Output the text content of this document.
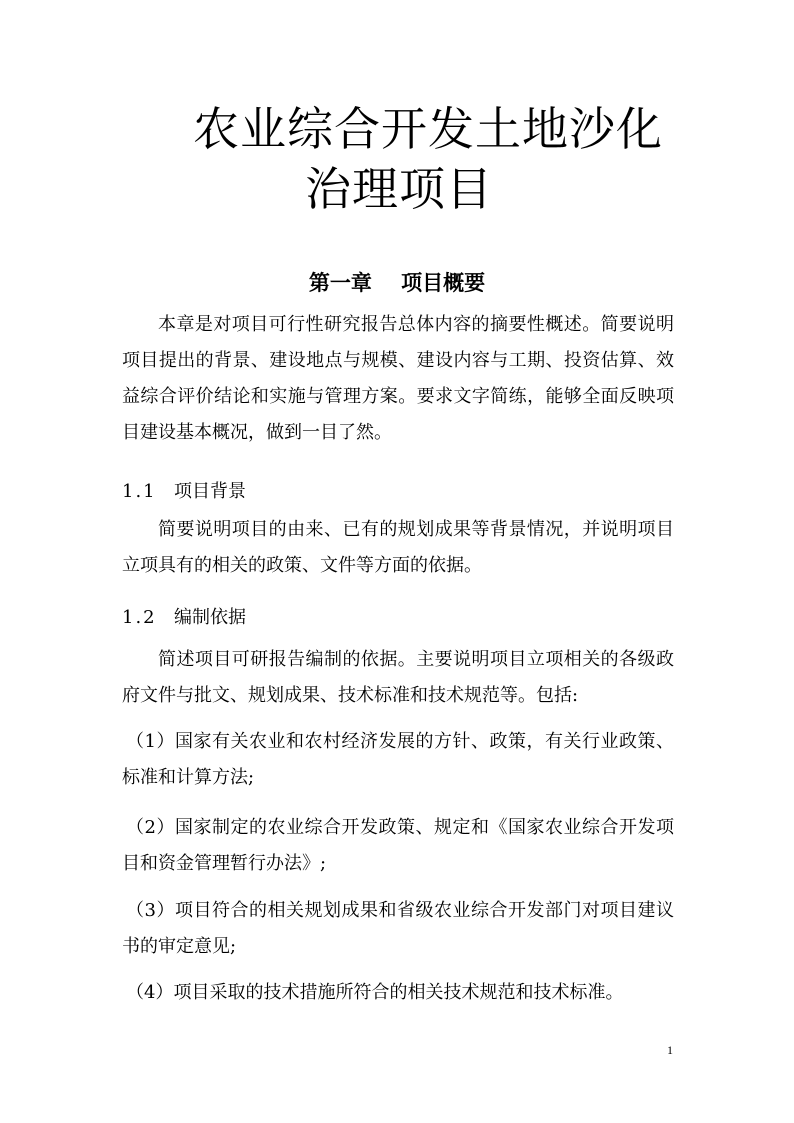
农业综合开发土地沙化
治理项目
第一章 项目概要
本章是对项目可行性研究报告总体内容的摘要性概述。简要说明项目提出的背景、建设地点与规模、建设内容与工期、投资估算、效益综合评价结论和实施与管理方案。要求文字简练，能够全面反映项目建设基本概况，做到一目了然。
1.1 项目背景
简要说明项目的由来、已有的规划成果等背景情况，并说明项目立项具有的相关的政策、文件等方面的依据。
1.2 编制依据
简述项目可研报告编制的依据。主要说明项目立项相关的各级政府文件与批文、规划成果、技术标准和技术规范等。包括:
（1）国家有关农业和农村经济发展的方针、政策，有关行业政策、标准和计算方法;
（2）国家制定的农业综合开发政策、规定和《国家农业综合开发项目和资金管理暂行办法》;
（3）项目符合的相关规划成果和省级农业综合开发部门对项目建议书的审定意见;
（4）项目采取的技术措施所符合的相关技术规范和技术标准。
1
